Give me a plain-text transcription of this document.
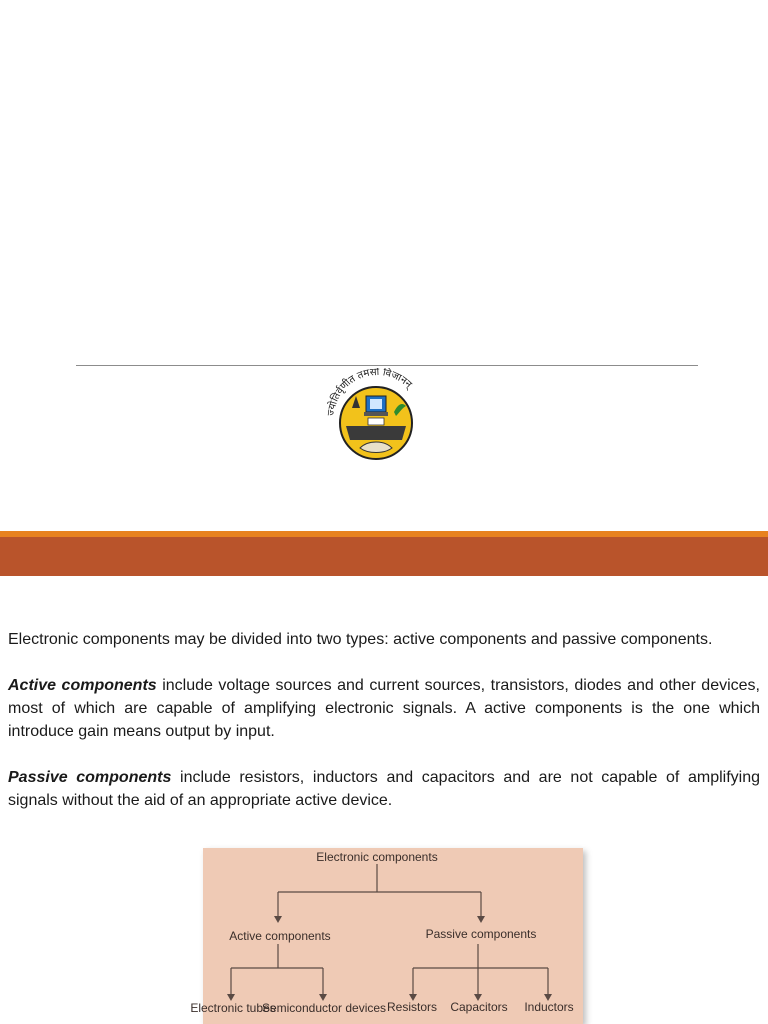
ज्योतिर्वृणीत तमसो विजानन्

Electronic components may be divided into two types: active components and passive components.

Active components include voltage sources and current sources, transistors, diodes and other devices, most of which are capable of amplifying electronic signals. A active components is the one which introduce gain means output by input.

Passive components include resistors, inductors and capacitors and are not capable of amplifying signals without the aid of an appropriate active device.

Electronic components
Active components	Passive components
Electronic tubes
Semiconductor devices Resistors Capacitors Inductors
